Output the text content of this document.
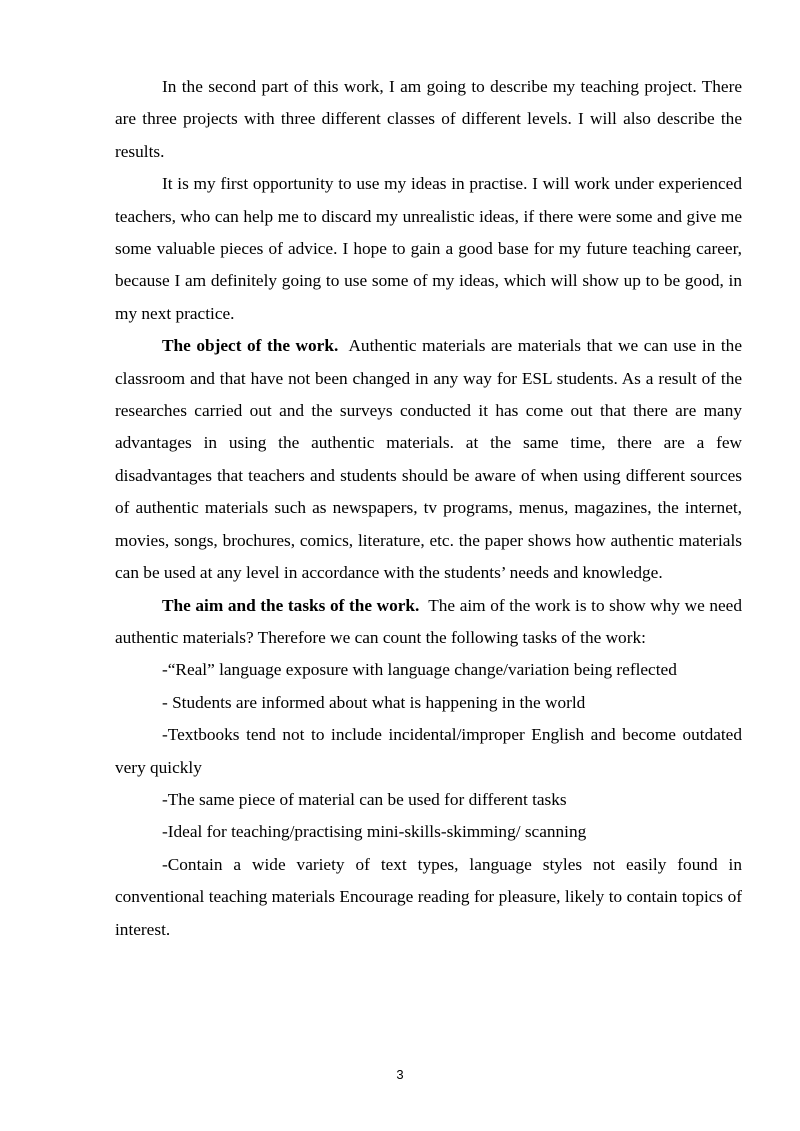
In the second part of this work, I am going to describe my teaching project. There are three projects with three different classes of different levels. I will also describe the results.

It is my first opportunity to use my ideas in practise. I will work under experienced teachers, who can help me to discard my unrealistic ideas, if there were some and give me some valuable pieces of advice. I hope to gain a good base for my future teaching career, because I am definitely going to use some of my ideas, which will show up to be good, in my next practice.

The object of the work. Authentic materials are materials that we can use in the classroom and that have not been changed in any way for ESL students. As a result of the researches carried out and the surveys conducted it has come out that there are many advantages in using the authentic materials. at the same time, there are a few disadvantages that teachers and students should be aware of when using different sources of authentic materials such as newspapers, tv programs, menus, magazines, the internet, movies, songs, brochures, comics, literature, etc. the paper shows how authentic materials can be used at any level in accordance with the students’ needs and knowledge.

The aim and the tasks of the work. The aim of the work is to show why we need authentic materials? Therefore we can count the following tasks of the work:

-“Real” language exposure with language change/variation being reflected

- Students are informed about what is happening in the world

-Textbooks tend not to include incidental/improper English and become outdated very quickly

-The same piece of material can be used for different tasks

-Ideal for teaching/practising mini-skills-skimming/ scanning

-Contain a wide variety of text types, language styles not easily found in conventional teaching materials Encourage reading for pleasure, likely to contain topics of interest.

3
